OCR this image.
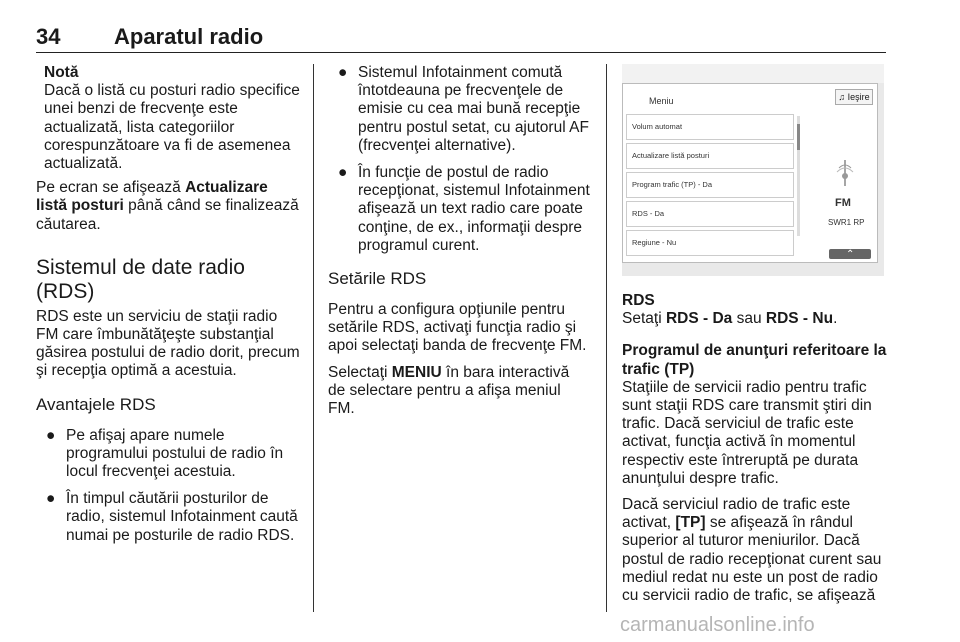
34 Aparatul radio
Notă
Dacă o listă cu posturi radio specifice unei benzi de frecvenţe este actualizată, lista categoriilor corespunzătoare va fi de asemenea actualizată.

Pe ecran se afişează Actualizare listă posturi până când se finalizează căutarea.

Sistemul de date radio (RDS)

RDS este un serviciu de staţii radio FM care îmbunătăţeşte substanţial găsirea postului de radio dorit, precum şi recepţia optimă a acestuia.

Avantajele RDS
● Pe afişaj apare numele programului postului de radio în locul frecvenţei acestuia.
● În timpul căutării posturilor de radio, sistemul Infotainment caută numai pe posturile de radio RDS.
● Sistemul Infotainment comută întotdeauna pe frecvenţele de emisie cu cea mai bună recepţie pentru postul setat, cu ajutorul AF (frecvenţei alternative).
● În funcţie de postul de radio recepţionat, sistemul Infotainment afişează un text radio care poate conţine, de ex., informaţii despre programul curent.
Setările RDS

Pentru a configura opţiunile pentru setările RDS, activaţi funcţia radio şi apoi selectaţi banda de frecvenţe FM.

Selectaţi MENIU în bara interactivă de selectare pentru a afişa meniul FM.

Meniu	♫ Ieşire
Volum automat
Actualizare listă posturi
Program trafic (TP) - Da
RDS - Da
Regiune - Nu
FM
SWR1 RP
⌃
RDS

Setaţi RDS - Da sau RDS - Nu.

Programul de anunţuri referitoare la trafic (TP)

Staţiile de servicii radio pentru trafic sunt staţii RDS care transmit ştiri din trafic. Dacă serviciul de trafic este activat, funcţia activă în momentul respectiv este întreruptă pe durata anunţului despre trafic.

Dacă serviciul radio de trafic este activat, [TP] se afişează în rândul superior al tuturor meniurilor. Dacă postul de radio recepţionat curent sau mediul redat nu este un post de radio cu servicii radio de trafic, se afişează

carmanualsonline.info
